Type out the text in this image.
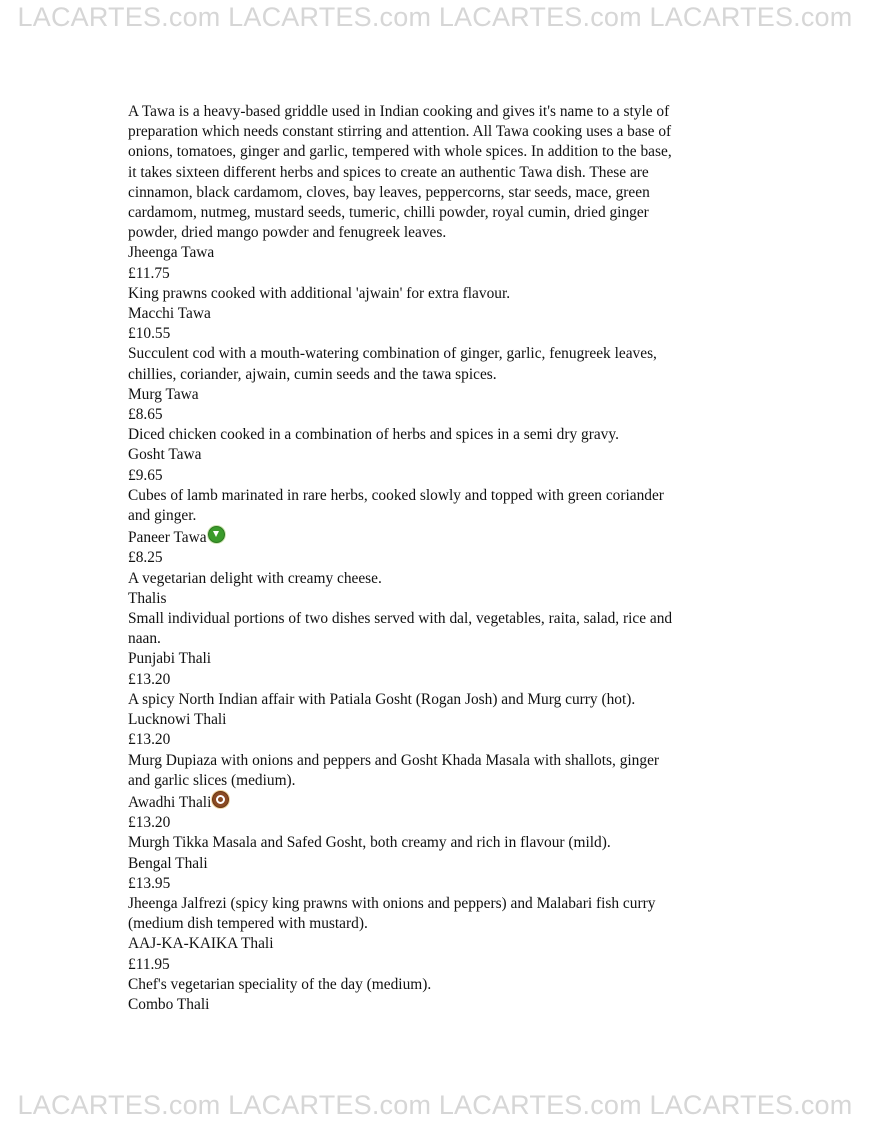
LACARTES.com LACARTES.com LACARTES.com LACARTES.com

A Tawa is a heavy-based griddle used in Indian cooking and gives it's name to a style of

preparation which needs constant stirring and attention. All Tawa cooking uses a base of

onions, tomatoes, ginger and garlic, tempered with whole spices. In addition to the base,

it takes sixteen different herbs and spices to create an authentic Tawa dish. These are

cinnamon, black cardamom, cloves, bay leaves, peppercorns, star seeds, mace, green

cardamom, nutmeg, mustard seeds, tumeric, chilli powder, royal cumin, dried ginger

powder, dried mango powder and fenugreek leaves.

Jheenga Tawa

£11.75

King prawns cooked with additional 'ajwain' for extra flavour.

Macchi Tawa

£10.55

Succulent cod with a mouth-watering combination of ginger, garlic, fenugreek leaves,

chillies, coriander, ajwain, cumin seeds and the tawa spices.

Murg Tawa

£8.65

Diced chicken cooked in a combination of herbs and spices in a semi dry gravy.

Gosht Tawa

£9.65

Cubes of lamb marinated in rare herbs, cooked slowly and topped with green coriander

and ginger.

Paneer Tawa

£8.25

A vegetarian delight with creamy cheese.

Thalis

Small individual portions of two dishes served with dal, vegetables, raita, salad, rice and

naan.

Punjabi Thali

£13.20

A spicy North Indian affair with Patiala Gosht (Rogan Josh) and Murg curry (hot).

Lucknowi Thali

£13.20

Murg Dupiaza with onions and peppers and Gosht Khada Masala with shallots, ginger

and garlic slices (medium).

Awadhi Thali

£13.20

Murgh Tikka Masala and Safed Gosht, both creamy and rich in flavour (mild).

Bengal Thali

£13.95

Jheenga Jalfrezi (spicy king prawns with onions and peppers) and Malabari fish curry

(medium dish tempered with mustard).

AAJ-KA-KAIKA Thali

£11.95

Chef's vegetarian speciality of the day (medium).

Combo Thali

LACARTES.com LACARTES.com LACARTES.com LACARTES.com
